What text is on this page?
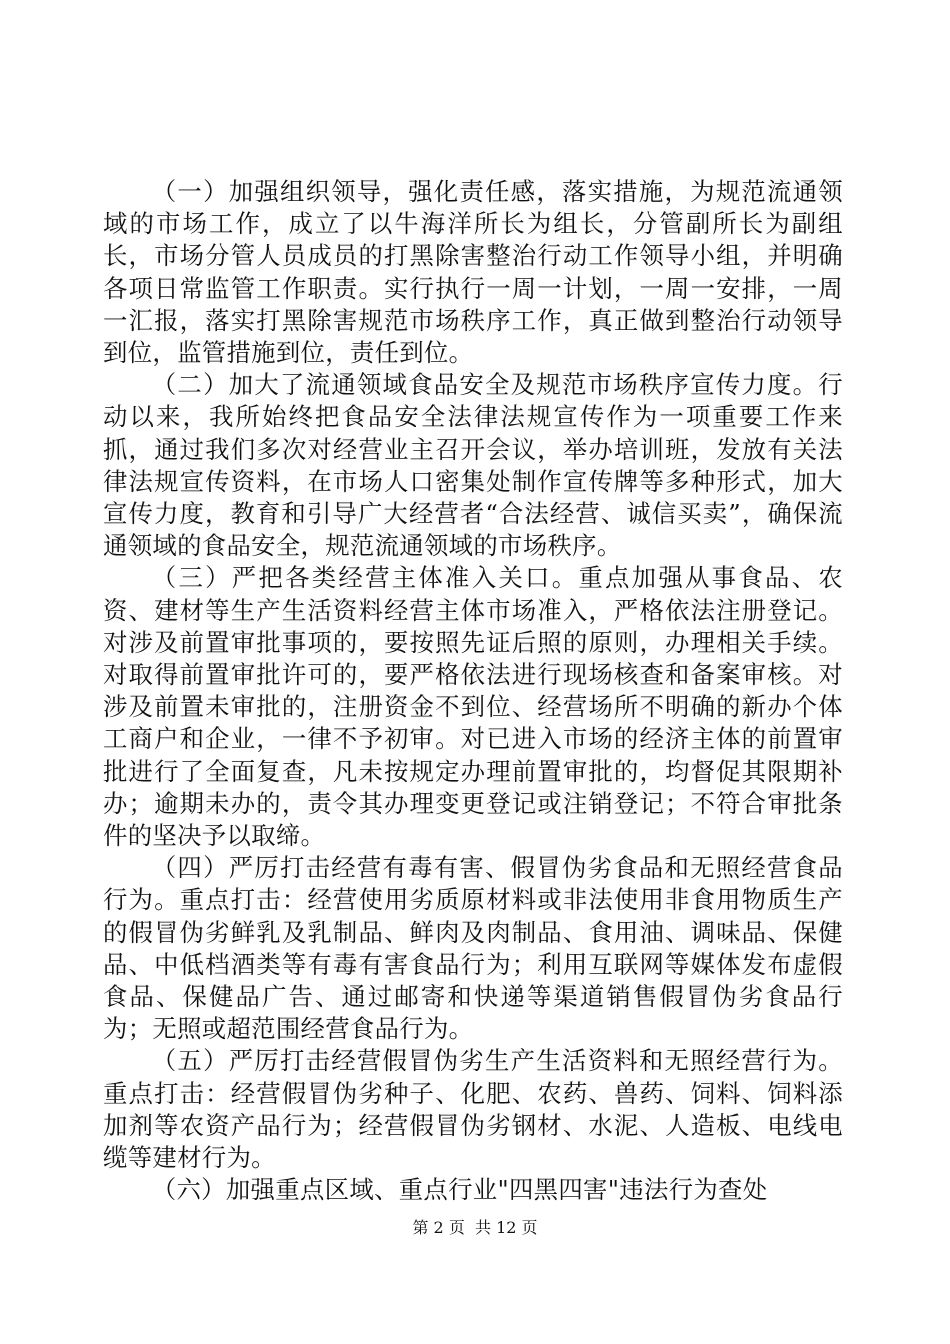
（一）加强组织领导，强化责任感，落实措施，为规范流通领域的市场工作，成立了以牛海洋所长为组长，分管副所长为副组长，市场分管人员成员的打黑除害整治行动工作领导小组，并明确各项日常监管工作职责。实行执行一周一计划，一周一安排，一周一汇报，落实打黑除害规范市场秩序工作，真正做到整治行动领导到位，监管措施到位，责任到位。

（二）加大了流通领域食品安全及规范市场秩序宣传力度。行动以来，我所始终把食品安全法律法规宣传作为一项重要工作来抓，通过我们多次对经营业主召开会议，举办培训班，发放有关法律法规宣传资料，在市场人口密集处制作宣传牌等多种形式，加大宣传力度，教育和引导广大经营者“合法经营、诚信买卖”，确保流通领域的食品安全，规范流通领域的市场秩序。

（三）严把各类经营主体准入关口。重点加强从事食品、农资、建材等生产生活资料经营主体市场准入，严格依法注册登记。对涉及前置审批事项的，要按照先证后照的原则，办理相关手续。对取得前置审批许可的，要严格依法进行现场核查和备案审核。对涉及前置未审批的，注册资金不到位、经营场所不明确的新办个体工商户和企业，一律不予初审。对已进入市场的经济主体的前置审批进行了全面复查，凡未按规定办理前置审批的，均督促其限期补办；逾期未办的，责令其办理变更登记或注销登记；不符合审批条件的坚决予以取缔。

（四）严厉打击经营有毒有害、假冒伪劣食品和无照经营食品行为。重点打击：经营使用劣质原材料或非法使用非食用物质生产的假冒伪劣鲜乳及乳制品、鲜肉及肉制品、食用油、调味品、保健品、中低档酒类等有毒有害食品行为；利用互联网等媒体发布虚假食品、保健品广告、通过邮寄和快递等渠道销售假冒伪劣食品行为；无照或超范围经营食品行为。

（五）严厉打击经营假冒伪劣生产生活资料和无照经营行为。重点打击：经营假冒伪劣种子、化肥、农药、兽药、饲料、饲料添加剂等农资产品行为；经营假冒伪劣钢材、水泥、人造板、电线电缆等建材行为。

（六）加强重点区域、重点行业"四黑四害"违法行为查处

第 2 页  共 12 页
